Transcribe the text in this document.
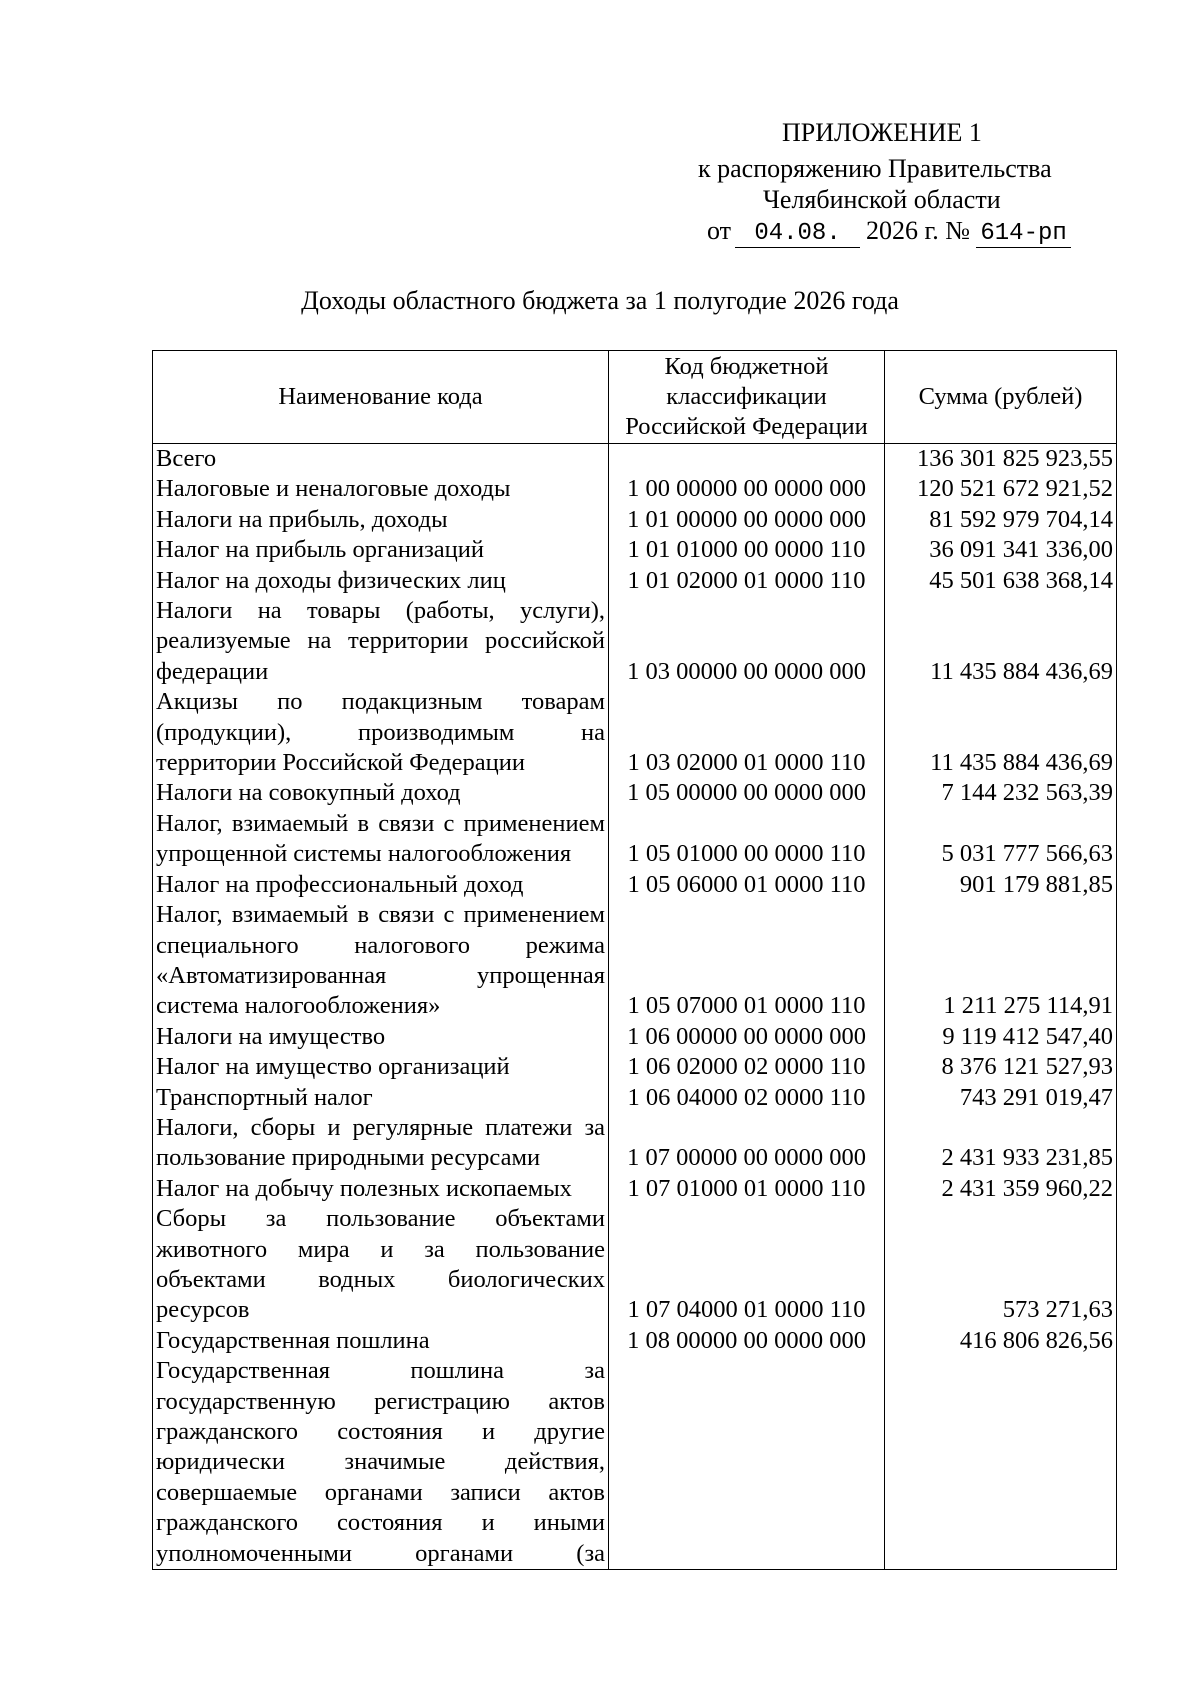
ПРИЛОЖЕНИЕ 1
к распоряжению Правительства
Челябинской области
от 04.08. 2026 г. № 614-рп
Доходы областного бюджета за 1 полугодие 2026 года
Наименование кода	Код бюджетной классификации Российской Федерации	Сумма (рублей)
Всего		136 301 825 923,55
Налоговые и неналоговые доходы	1 00 00000 00 0000 000	120 521 672 921,52
Налоги на прибыль, доходы	1 01 00000 00 0000 000	81 592 979 704,14
Налог на прибыль организаций	1 01 01000 00 0000 110	36 091 341 336,00
Налог на доходы физических лиц	1 01 02000 01 0000 110	45 501 638 368,14
Налоги на товары (работы, услуги), реализуемые на территории российской федерации	1 03 00000 00 0000 000	11 435 884 436,69
Акцизы по подакцизным товарам (продукции), производимым на территории Российской Федерации	1 03 02000 01 0000 110	11 435 884 436,69
Налоги на совокупный доход	1 05 00000 00 0000 000	7 144 232 563,39
Налог, взимаемый в связи с применением упрощенной системы налогообложения	1 05 01000 00 0000 110	5 031 777 566,63
Налог на профессиональный доход	1 05 06000 01 0000 110	901 179 881,85
Налог, взимаемый в связи с применением специального налогового режима «Автоматизированная упрощенная система налогообложения»	1 05 07000 01 0000 110	1 211 275 114,91
Налоги на имущество	1 06 00000 00 0000 000	9 119 412 547,40
Налог на имущество организаций	1 06 02000 02 0000 110	8 376 121 527,93
Транспортный налог	1 06 04000 02 0000 110	743 291 019,47
Налоги, сборы и регулярные платежи за пользование природными ресурсами	1 07 00000 00 0000 000	2 431 933 231,85
Налог на добычу полезных ископаемых	1 07 01000 01 0000 110	2 431 359 960,22
Сборы за пользование объектами животного мира и за пользование объектами водных биологических ресурсов	1 07 04000 01 0000 110	573 271,63
Государственная пошлина	1 08 00000 00 0000 000	416 806 826,56
Государственная пошлина за государственную регистрацию актов гражданского состояния и другие юридически значимые действия, совершаемые органами записи актов гражданского состояния и иными уполномоченными органами (за		
